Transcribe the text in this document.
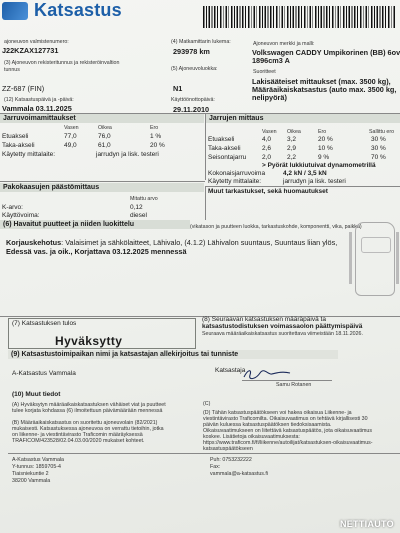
Katsastus
ajoneuvon valmistenumero:
J22KZAX127731
(3) Ajoneuvon rekisteritunnus ja rekisteröinvaltion
tunnus
ZZ-687 (FIN)
(12) Katsastuspäivä ja -päivä:
Vammala 03.11.2025
(4) Matkamittarin lukema:
293978 km
Ajoneuvon merkki ja malli:
Volkswagen CADDY Umpikorinen (BB) 6ov
1896cm3 A
(5) Ajoneuvoluokka:
N1
Suoritteet
Lakisääteiset mittaukset (max. 3500 kg),
Määräaikaiskatsastus (auto max. 3500 kg,
nelipyörä)
Käyttöönottopäivä:
29.11.2010
Jarruvoimamittaukset
Vasen	Oikea	Ero
Etuakseli	77,0	76,0	1 %
Taka-akseli	49,0	61,0	20 %
Käytetty mittalaite:	jarrudyn ja lisk. testeri
Jarrujen mittaus
Vasen Oikea	Ero	Sallittu ero
Etuakseli	4,0 3,2	20 %	30 %
Taka-akseli	2,6 2,9	10 %	30 %
Seisontajarru 2,0 2,2	9 %	70 %
> Pyörät lukkiutuivat dynamometrillä
Kokonaisjarruvoima	4,2 kN / 3,5 kN
Käytetty mittalaite:	jarrudyn ja lisk. testeri
Pakokaasujen päästömittaus
Mitattu arvo
K-arvo:	0,12
Käyttövoima:	diesel
Muut tarkastukset, sekä huomautukset
(6) Havaitut puutteet ja niiden luokittelu	(vikatason ja puutteen luokka, tarkastuskohde, komponentti, vika, paikka)
Korjauskehotus: Valaisimet ja sähkölaitteet, Lähivalo, (4.1.2) Lähivalon suuntaus, Suuntaus liian ylös,
Edessä vas. ja oik., Korjattava 03.12.2025 mennessä
(7) Katsastuksen tulos
Hyväksytty
(8) Seuraavan katsastuksen määräpäivä ta
katsastustodistuksen voimassaolon päättymispäivä
Seuraava määräaikaiskatsastus suoritettava viimeistään 18.11.2026.
(9) Katsastustoimipaikan nimi ja katsastajan allekirjoitus tai tunniste
A-Katsastus Vammala	Katsastaja
Samu Rotanen
(10) Muut tiedot
(A) Hyväksytyn määräaikaiskatsastuksen vähäiset viat ja puutteet
tulee korjata kohdassa (6) ilmoitettuun päivämäärään mennessä
(B) Määräaikaiskatsastus on suoritettu ajoneuvolain (82/2021)
mukaisesti. Katsastuksessa ajoneuvoa on verrattu tietoihin, jotka
on liikenne- ja viestintävirasto Traficomin määräyksessä
TRAFICOM/423528/02.04.03.00/2020 mukaiset kohteet.
(C)
(D) Tähän katsastuspäätökseen voi hakea oikaisua Liikenne- ja
viestintävirasto Traficomilta. Oikaisuvaatimus on tehtävä kirjallisesti 30
päivän kuluessa katsastuspäätöksen tiedoksisaamista.
Oikaisuvaatimukseen on liitettävä katsastuspäätös, jota oikaisuvaatimus
koskee. Lisätietoja oikaisuvaatimuksesta:
https://www.traficom.fi/fi/liikenne/autoilijat/katsastuksen-oikaisuvaatimus-
katsastuspäätökseen
A-Katsastus Vammala
Y-tunnus: 1859705-4
Tiaisniekuntie 2
38200 Vammala
Puh: 0753232222
Fax:
vammala@a-katsastus.fi
NETTIAUTO
